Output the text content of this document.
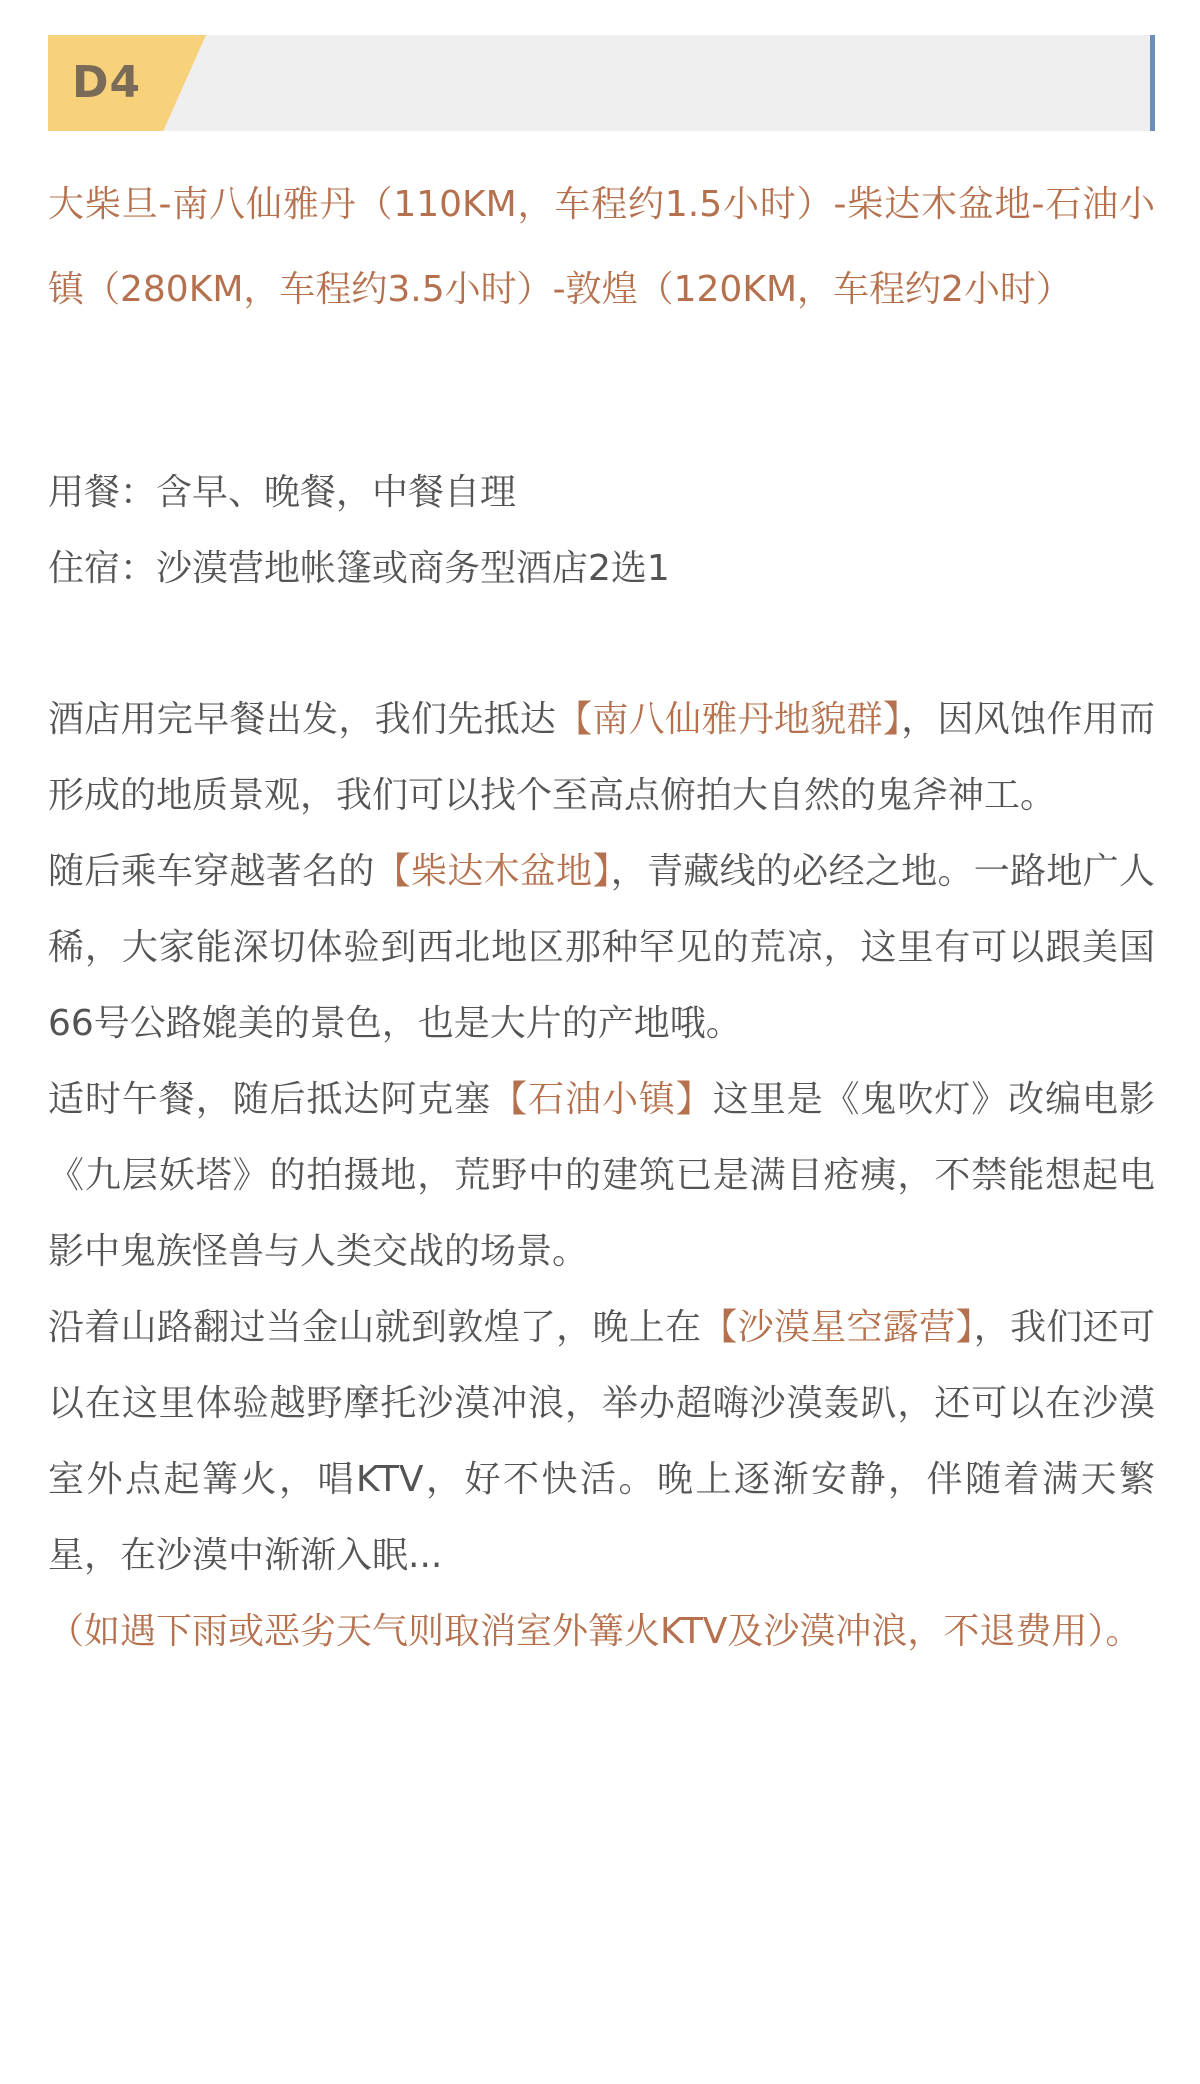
D4

大柴旦-南八仙雅丹（110KM，车程约1.5小时）-柴达木盆地-石油小镇（280KM，车程约3.5小时）-敦煌（120KM，车程约2小时）

用餐：含早、晚餐，中餐自理

住宿：沙漠营地帐篷或商务型酒店2选1

酒店用完早餐出发，我们先抵达【南八仙雅丹地貌群】，因风蚀作用而形成的地质景观，我们可以找个至高点俯拍大自然的鬼斧神工。

随后乘车穿越著名的【柴达木盆地】，青藏线的必经之地。一路地广人稀，大家能深切体验到西北地区那种罕见的荒凉，这里有可以跟美国66号公路媲美的景色，也是大片的产地哦。

适时午餐，随后抵达阿克塞【石油小镇】这里是《鬼吹灯》改编电影《九层妖塔》的拍摄地，荒野中的建筑已是满目疮痍，不禁能想起电影中鬼族怪兽与人类交战的场景。

沿着山路翻过当金山就到敦煌了，晚上在【沙漠星空露营】，我们还可以在这里体验越野摩托沙漠冲浪，举办超嗨沙漠轰趴，还可以在沙漠室外点起篝火，唱KTV，好不快活。晚上逐渐安静，伴随着满天繁星，在沙漠中渐渐入眠...

（如遇下雨或恶劣天气则取消室外篝火KTV及沙漠冲浪，不退费用）。
